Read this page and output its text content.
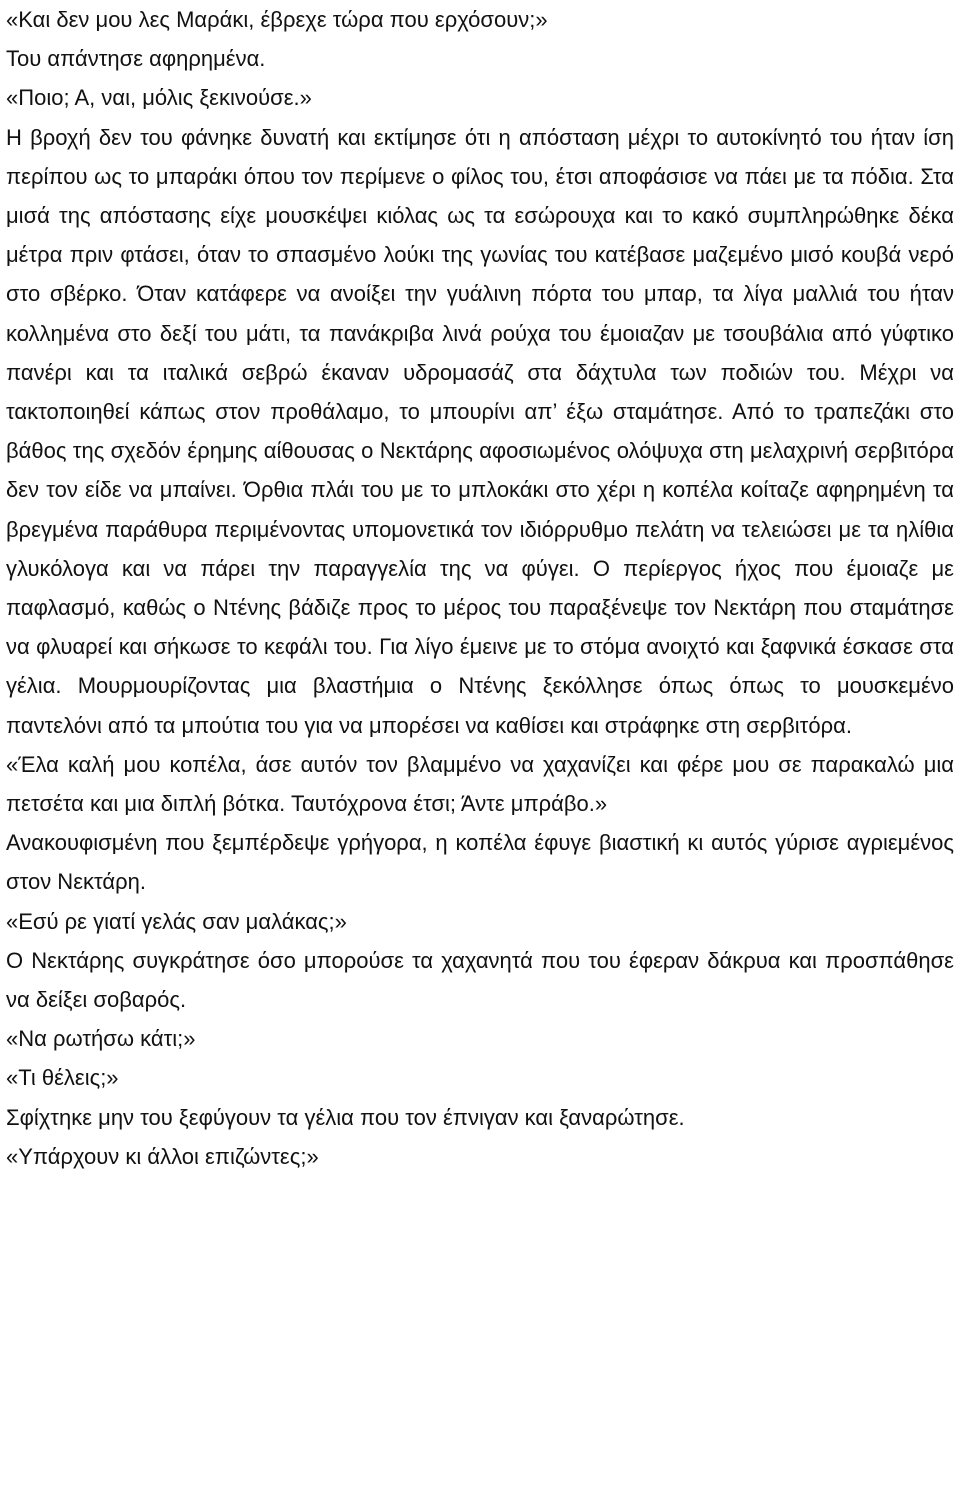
«Και δεν μου λες Μαράκι, έβρεχε τώρα που ερχόσουν;»

Του απάντησε αφηρημένα.

«Ποιο; Α, ναι, μόλις ξεκινούσε.»

Η βροχή δεν του φάνηκε δυνατή και εκτίμησε ότι η απόσταση μέχρι το αυτοκίνητό του ήταν ίση περίπου ως το μπαράκι όπου τον περίμενε ο φίλος του, έτσι αποφάσισε να πάει με τα πόδια. Στα μισά της απόστασης είχε μουσκέψει κιόλας ως τα εσώρουχα και το κακό συμπληρώθηκε δέκα μέτρα πριν φτάσει, όταν το σπασμένο λούκι της γωνίας του κατέβασε μαζεμένο μισό κουβά νερό στο σβέρκο. Όταν κατάφερε να ανοίξει την γυάλινη πόρτα του μπαρ, τα λίγα μαλλιά του ήταν κολλημένα στο δεξί του μάτι, τα πανάκριβα λινά ρούχα του έμοιαζαν με τσουβάλια από γύφτικο πανέρι και τα ιταλικά σεβρώ έκαναν υδρομασάζ στα δάχτυλα των ποδιών του. Μέχρι να τακτοποιηθεί κάπως στον προθάλαμο, το μπουρίνι απ’ έξω σταμάτησε. Από το τραπεζάκι στο βάθος της σχεδόν έρημης αίθουσας ο Νεκτάρης αφοσιωμένος ολόψυχα στη μελαχρινή σερβιτόρα δεν τον είδε να μπαίνει. Όρθια πλάι του με το μπλοκάκι στο χέρι η κοπέλα κοίταζε αφηρημένη τα βρεγμένα παράθυρα περιμένοντας υπομονετικά τον ιδιόρρυθμο πελάτη να τελειώσει με τα ηλίθια γλυκόλογα και να πάρει την παραγγελία της να φύγει. Ο περίεργος ήχος που έμοιαζε με παφλασμό, καθώς ο Ντένης βάδιζε προς το μέρος του παραξένεψε τον Νεκτάρη που σταμάτησε να φλυαρεί και σήκωσε το κεφάλι του. Για λίγο έμεινε με το στόμα ανοιχτό και ξαφνικά έσκασε στα γέλια. Μουρμουρίζοντας μια βλαστήμια ο Ντένης ξεκόλλησε όπως όπως το μουσκεμένο παντελόνι από τα μπούτια του για να μπορέσει να καθίσει και στράφηκε στη σερβιτόρα.

«Έλα καλή μου κοπέλα, άσε αυτόν τον βλαμμένο να χαχανίζει και φέρε μου σε παρακαλώ μια πετσέτα και μια διπλή βότκα. Ταυτόχρονα έτσι; Άντε μπράβο.»

Ανακουφισμένη που ξεμπέρδεψε γρήγορα, η κοπέλα έφυγε βιαστική κι αυτός γύρισε αγριεμένος στον Νεκτάρη.

«Εσύ ρε γιατί γελάς σαν μαλάκας;»

Ο Νεκτάρης συγκράτησε όσο μπορούσε τα χαχανητά που του έφεραν δάκρυα και προσπάθησε να δείξει σοβαρός.

«Να ρωτήσω κάτι;»

«Τι θέλεις;»

Σφίχτηκε μην του ξεφύγουν τα γέλια που τον έπνιγαν και ξαναρώτησε.

«Υπάρχουν κι άλλοι επιζώντες;»
